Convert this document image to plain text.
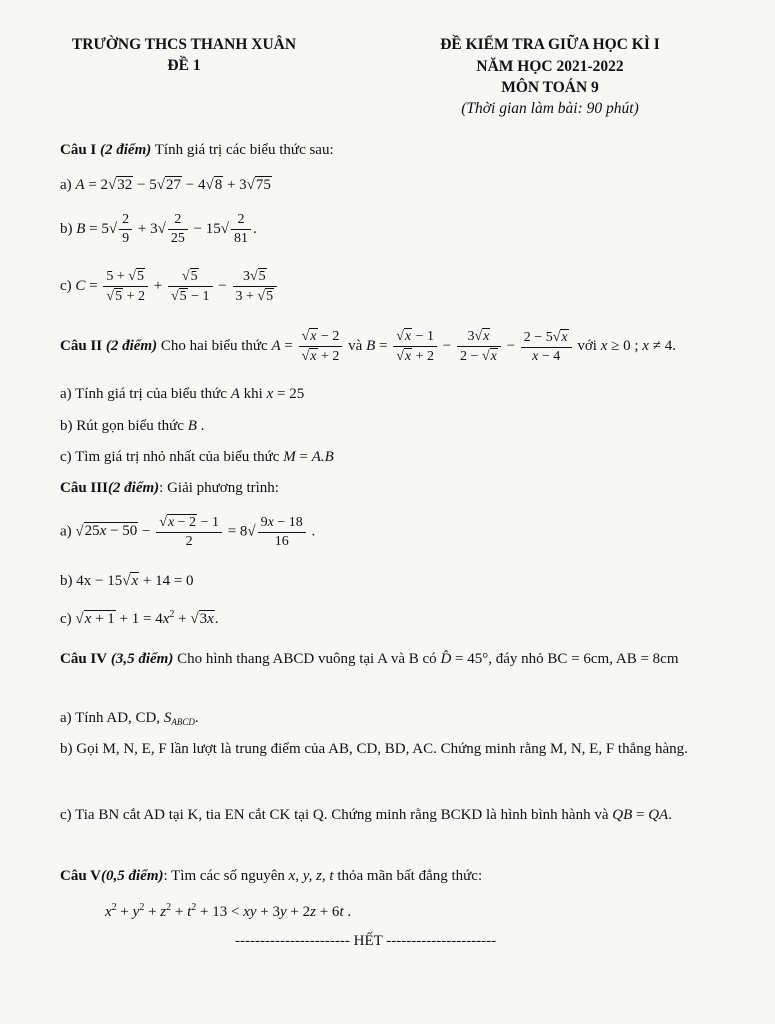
TRƯỜNG THCS THANH XUÂN
ĐỀ 1
ĐỀ KIỂM TRA GIỮA HỌC KÌ I
NĂM HỌC 2021-2022
MÔN TOÁN 9
(Thời gian làm bài: 90 phút)
Câu I (2 điểm) Tính giá trị các biểu thức sau:
a) A = 2√32 − 5√27 − 4√8 + 3√75
b) $B = 5√ \frac{2}{9} + 3√ \frac{2}{25} - 15√ \frac{2}{81}$ .
c) $C = \frac{5 + √5}{√5 + 2} + \frac{√5}{√5 - 1} - \frac{3√5}{3 + √5}$
Câu II (2 điểm) Cho hai biểu thức $A = \frac{√x - 2}{√x + 2}$ và $B = \frac{√x - 1}{√x + 2} - \frac{3√x}{2 - √x} - \frac{2 - 5√x}{x - 4}$ với x ≥ 0 ; x ≠ 4.
a) Tính giá trị của biểu thức A khi x = 25
b) Rút gọn biểu thức B .
c) Tìm giá trị nhỏ nhất của biểu thức M = A.B
Câu III(2 điểm): Giải phương trình:
a) $√25x - 50 - \frac{√x - 2 - 1}{2} = 8√ \frac{9x - 18}{16}$ .
b) 4x − 15√x + 14 = 0
c) $√x + 1 + 1 = 4x^2 + √3x$.
Câu IV (3,5 điểm) Cho hình thang ABCD vuông tại A và B có D̂ = 45°, đáy nhỏ BC = 6cm, AB = 8cm
a) Tính AD, CD, $S_{ABCD}$.
b) Gọi M, N, E, F lần lượt là trung điểm của AB, CD, BD, AC. Chứng minh rằng M, N, E, F thẳng hàng.
c) Tia BN cắt AD tại K, tia EN cắt CK tại Q. Chứng minh rằng BCKD là hình bình hành và QB = QA.
Câu V(0,5 điểm): Tìm các số nguyên x, y, z, t thỏa mãn bất đẳng thức:
$x^2 + y^2 + z^2 + t^2 + 13$ < xy + 3y + 2z + 6t .
----------------------- HẾT ----------------------
